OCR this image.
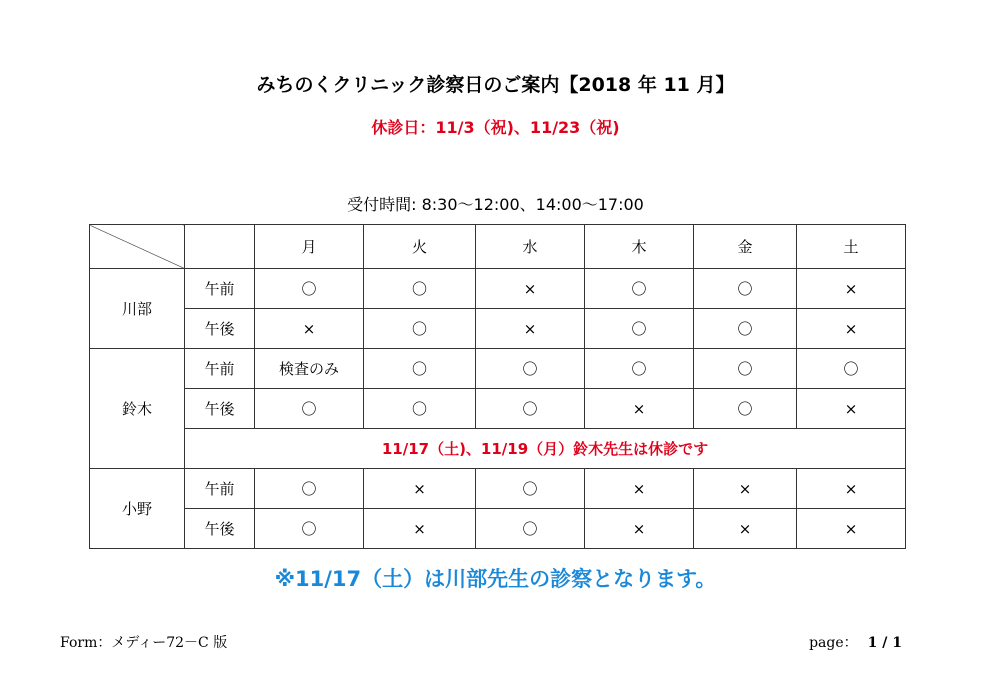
みちのくクリニック診察日のご案内【2018 年 11 月】
休診日：11/3（祝)、11/23（祝)
受付時間: 8:30～12:00、14:00～17:00
		月	火	水	木	金	土
川部	午前	〇	〇	×	〇	〇	×
	午後	×	〇	×	〇	〇	×
鈴木	午前	検査のみ	〇	〇	〇	〇	〇
	午後	〇	〇	〇	×	〇	×
	11/17（土)、11/19（月）鈴木先生は休診です						
小野	午前	〇	×	〇	×	×	×
	午後	〇	×	〇	×	×	×
※11/17（土）は川部先生の診察となります。
Form：メディー72－C 版	page： 1 / 1
